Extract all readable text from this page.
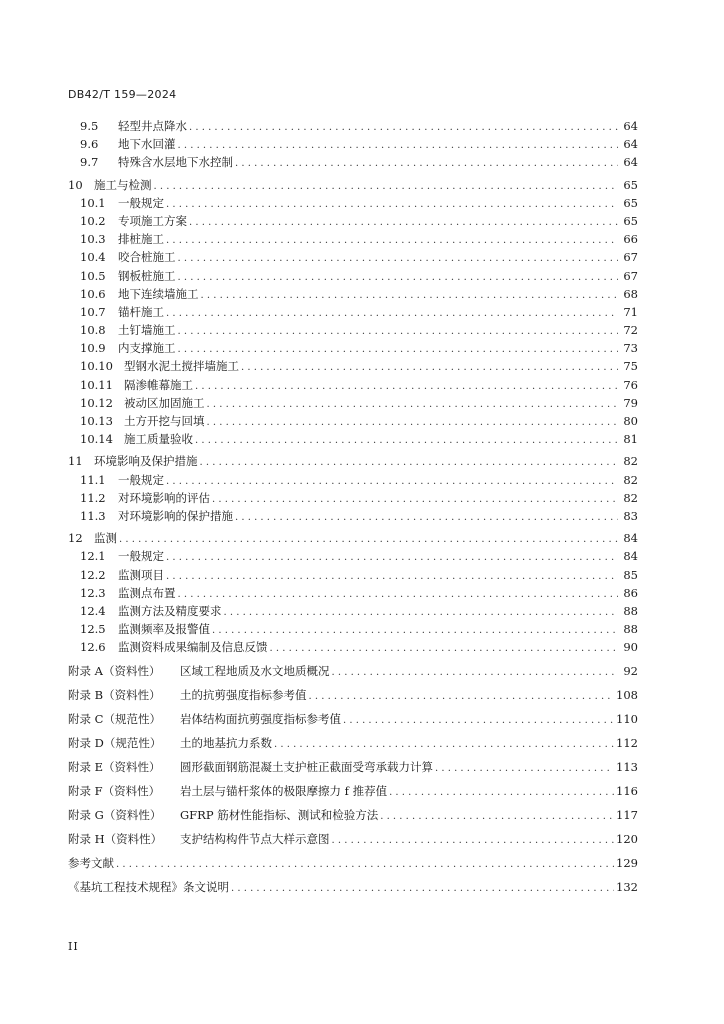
DB42/T 159—2024
9.5	轻型井点降水 . . .	64
9.6	地下水回灌 . . .	64
9.7	特殊含水层地下水控制 . . .	64
10 施工与检测 . . .	65
10.1	一般规定 . . .	65
10.2	专项施工方案 . . .	65
10.3	排桩施工 . . .	66
10.4	咬合桩施工 . . .	67
10.5	钢板桩施工 . . .	67
10.6	地下连续墙施工 . . .	68
10.7	锚杆施工 . . .	71
10.8	土钉墙施工 . . .	72
10.9	内支撑施工 . . .	73
10.10 型钢水泥土搅拌墙施工 . . .	75
10.11 隔渗帷幕施工 . . .	76
10.12 被动区加固施工 . . .	79
10.13 土方开挖与回填 . . .	80
10.14 施工质量验收 . . .	81
11 环境影响及保护措施 . . .	82
11.1	一般规定 . . .	82
11.2	对环境影响的评估 . . .	82
11.3	对环境影响的保护措施 . . .	83
12 监测 . . .	84
12.1	一般规定 . . .	84
12.2	监测项目 . . .	85
12.3	监测点布置 . . .	86
12.4	监测方法及精度要求 . . .	88
12.5	监测频率及报警值 . . .	88
12.6	监测资料成果编制及信息反馈 . . .	90
附录 A（资料性）	区域工程地质及水文地质概况 . . .	92
附录 B（资料性）	土的抗剪强度指标参考值 . . .	108
附录 C（规范性）	岩体结构面抗剪强度指标参考值 . . .	110
附录 D（规范性）	土的地基抗力系数 . . .	112
附录 E（资料性）	圆形截面钢筋混凝土支护桩正截面受弯承载力计算 . . .	113
附录 F（资料性）	岩土层与锚杆浆体的极限摩擦力 f 推荐值 . . .	116
附录 G（资料性）	GFRP 筋材性能指标、测试和检验方法 . . .	117
附录 H（资料性）	支护结构构件节点大样示意图 . . .	120
参考文献 . . .	129
《基坑工程技术规程》条文说明 . . .	132
II
